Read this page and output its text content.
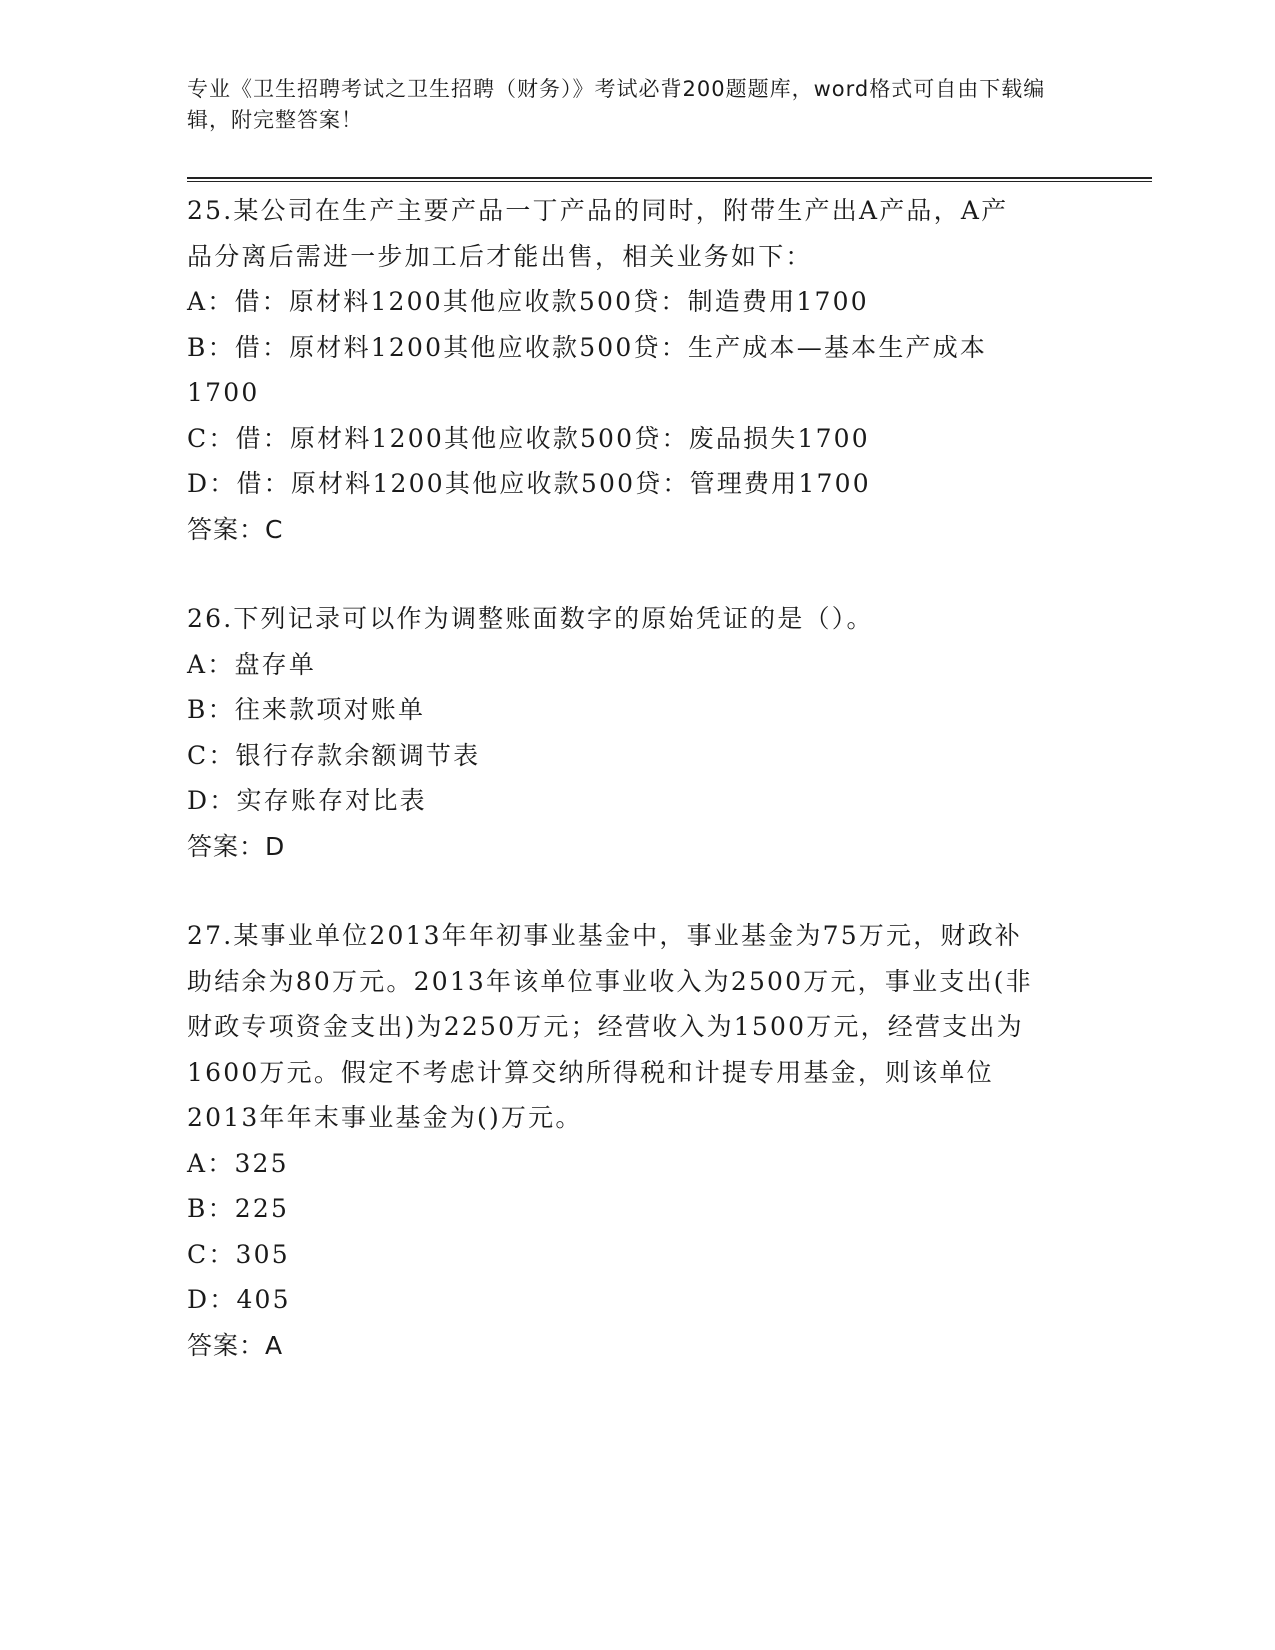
专业《卫生招聘考试之卫生招聘（财务）》考试必背200题题库，word格式可自由下载编辑，附完整答案！

25.某公司在生产主要产品一丁产品的同时，附带生产出A产品，A产
品分离后需进一步加工后才能出售，相关业务如下：

A：借：原材料1200其他应收款500贷：制造费用1700

B：借：原材料1200其他应收款500贷：生产成本—基本生产成本
1700

C：借：原材料1200其他应收款500贷：废品损失1700

D：借：原材料1200其他应收款500贷：管理费用1700

答案：C

26.下列记录可以作为调整账面数字的原始凭证的是（）。

A：盘存单

B：往来款项对账单

C：银行存款余额调节表

D：实存账存对比表

答案：D

27.某事业单位2013年年初事业基金中，事业基金为75万元，财政补
助结余为80万元。2013年该单位事业收入为2500万元，事业支出(非
财政专项资金支出)为2250万元；经营收入为1500万元，经营支出为
1600万元。假定不考虑计算交纳所得税和计提专用基金，则该单位
2013年年末事业基金为()万元。

A：325

B：225

C：305

D：405

答案：A
